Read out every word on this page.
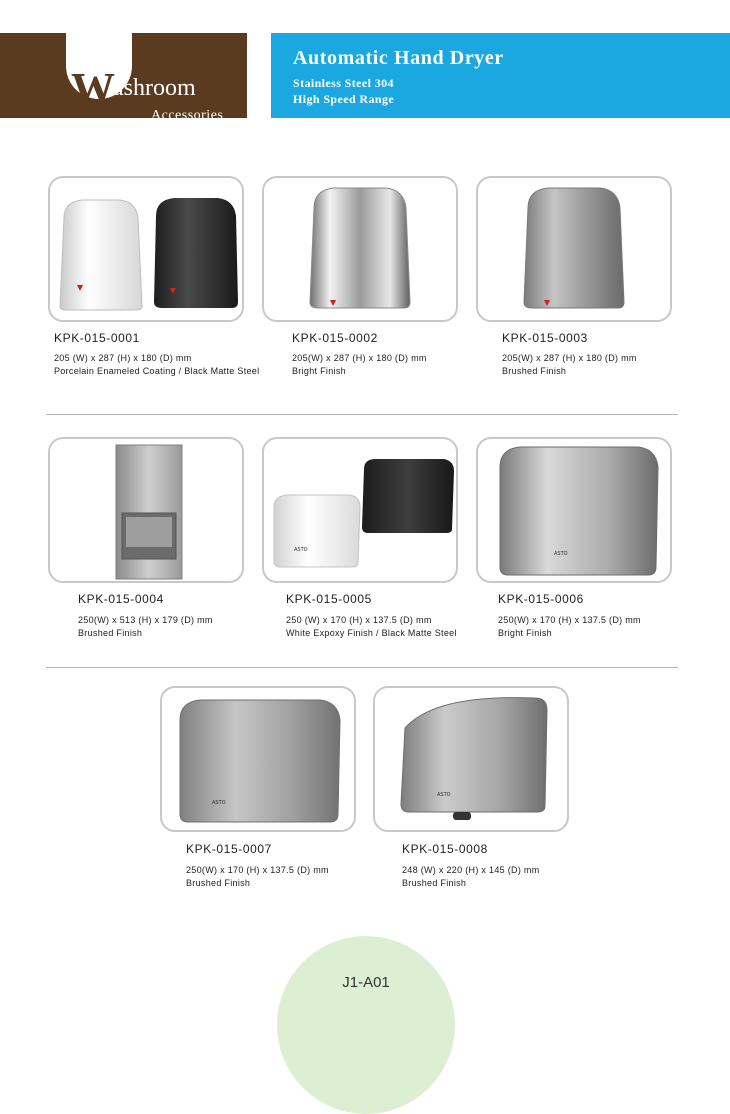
W
ashroom
Accessories
Automatic Hand Dryer
Stainless Steel 304
High Speed Range
KPK-015-0001
205 (W) x 287 (H) x 180 (D) mm
Porcelain Enameled Coating / Black Matte Steel
KPK-015-0002
205(W) x 287 (H) x 180 (D) mm
Bright Finish
KPK-015-0003
205(W) x 287 (H) x 180 (D) mm
Brushed Finish
KPK-015-0004
250(W) x 513 (H) x 179 (D) mm
Brushed Finish
ASTO
KPK-015-0005
250 (W) x 170 (H) x 137.5 (D) mm
White Expoxy Finish / Black Matte Steel
ASTO
KPK-015-0006
250(W) x 170 (H) x 137.5 (D) mm
Bright Finish
ASTO
KPK-015-0007
250(W) x 170 (H) x 137.5 (D) mm
Brushed Finish
ASTO
KPK-015-0008
248 (W) x 220 (H) x 145 (D) mm
Brushed Finish
J1-A01
